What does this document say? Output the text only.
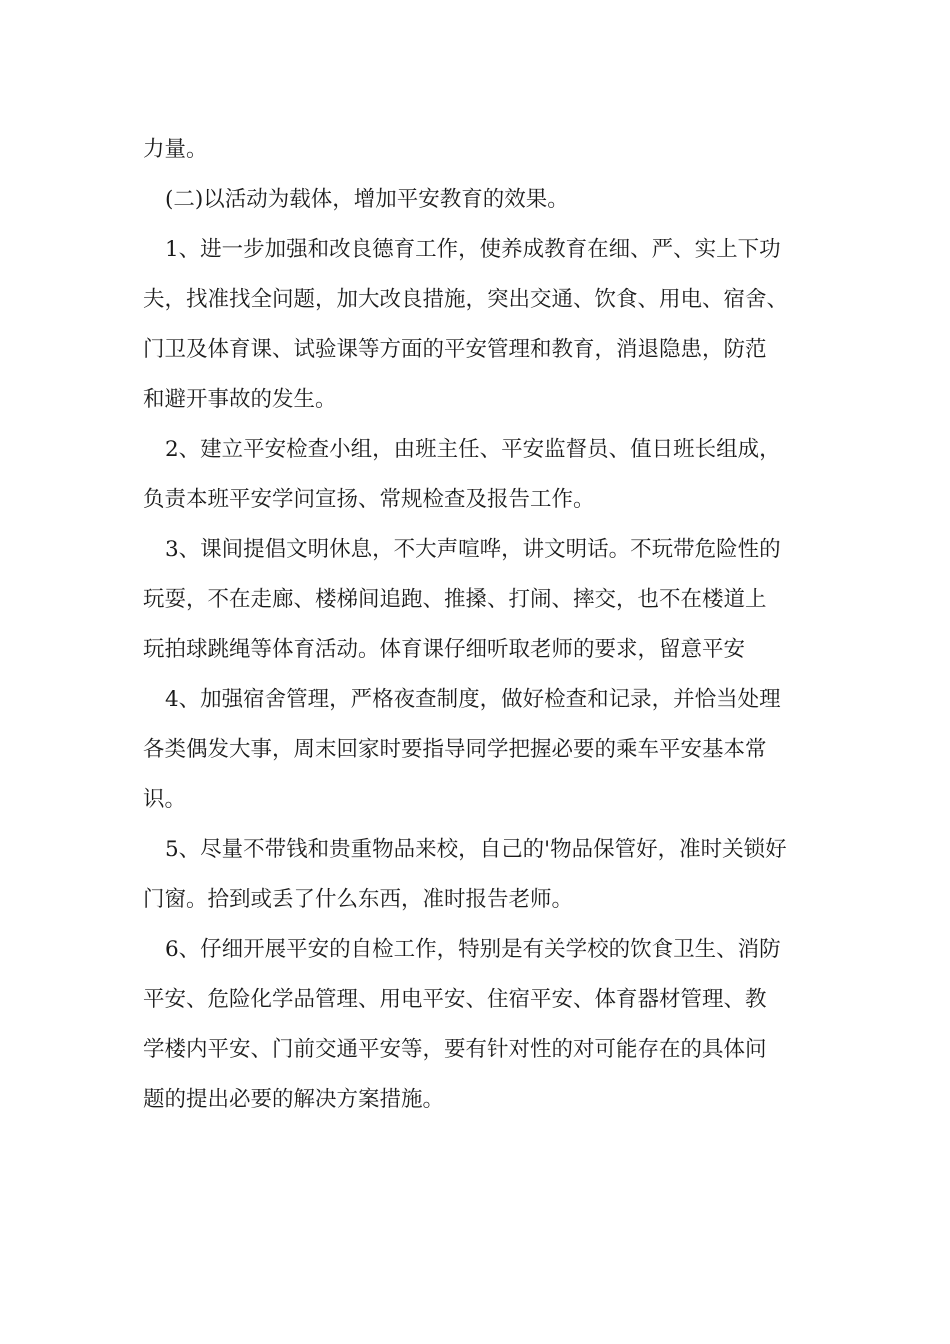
力量。
(二)以活动为载体，增加平安教育的效果。
1、进一步加强和改良德育工作，使养成教育在细、严、实上下功
夫，找准找全问题，加大改良措施，突出交通、饮食、用电、宿舍、
门卫及体育课、试验课等方面的平安管理和教育，消退隐患，防范
和避开事故的发生。
2、建立平安检查小组，由班主任、平安监督员、值日班长组成，
负责本班平安学问宣扬、常规检查及报告工作。
3、课间提倡文明休息，不大声喧哗，讲文明话。不玩带危险性的
玩耍，不在走廊、楼梯间追跑、推搡、打闹、摔交，也不在楼道上
玩拍球跳绳等体育活动。体育课仔细听取老师的要求，留意平安
4、加强宿舍管理，严格夜查制度，做好检查和记录，并恰当处理
各类偶发大事，周末回家时要指导同学把握必要的乘车平安基本常
识。
5、尽量不带钱和贵重物品来校，自己的'物品保管好，准时关锁好
门窗。拾到或丢了什么东西，准时报告老师。
6、仔细开展平安的自检工作，特别是有关学校的饮食卫生、消防
平安、危险化学品管理、用电平安、住宿平安、体育器材管理、教
学楼内平安、门前交通平安等，要有针对性的对可能存在的具体问
题的提出必要的解决方案措施。
